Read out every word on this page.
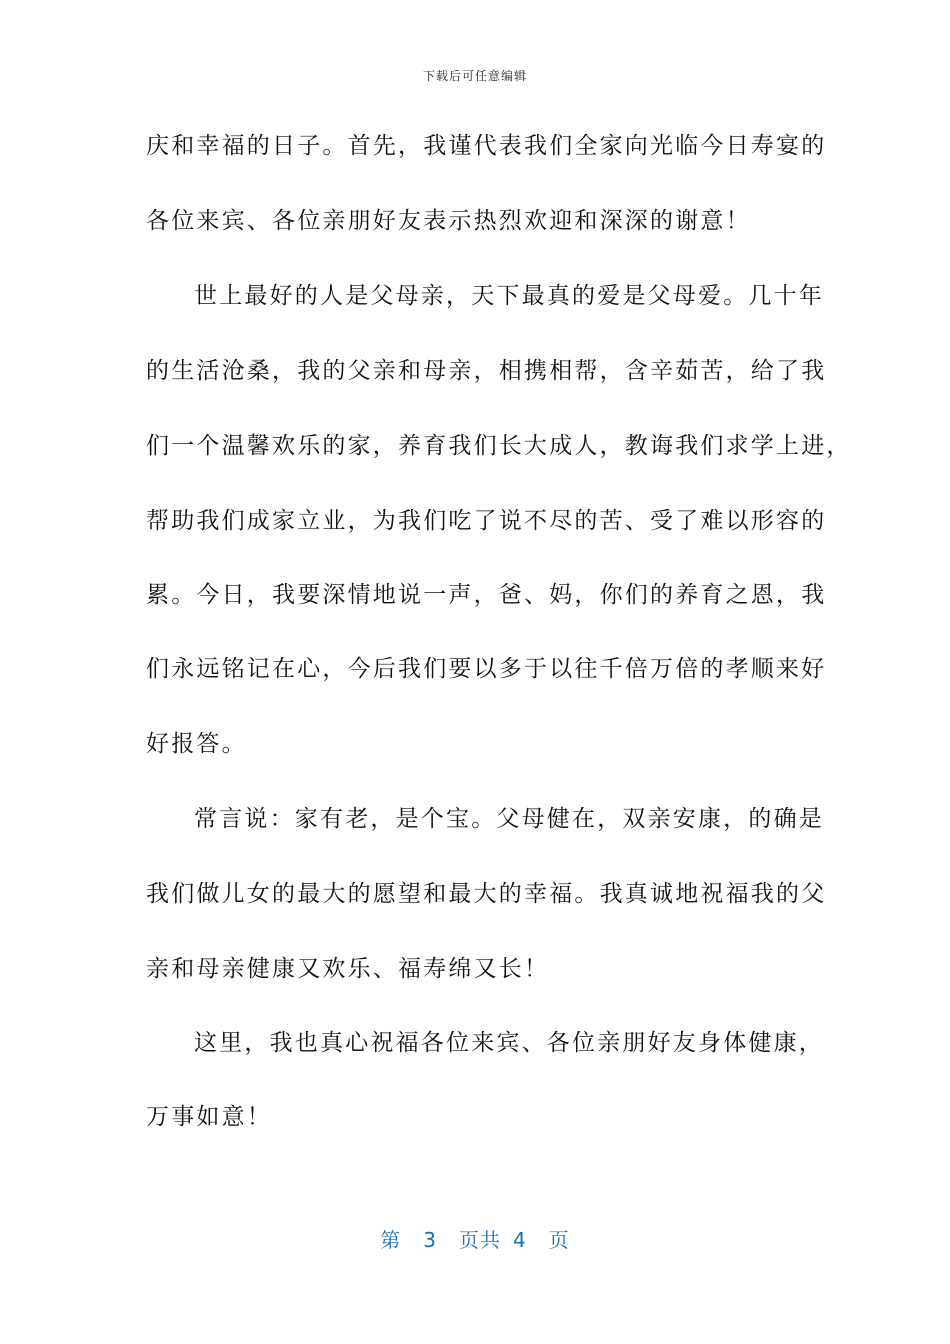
下载后可任意编辑
庆和幸福的日子。首先，我谨代表我们全家向光临今日寿宴的
各位来宾、各位亲朋好友表示热烈欢迎和深深的谢意！
世上最好的人是父母亲，天下最真的爱是父母爱。几十年
的生活沧桑，我的父亲和母亲，相携相帮，含辛茹苦，给了我
们一个温馨欢乐的家，养育我们长大成人，教诲我们求学上进，
帮助我们成家立业，为我们吃了说不尽的苦、受了难以形容的
累。今日，我要深情地说一声，爸、妈，你们的养育之恩，我
们永远铭记在心，今后我们要以多于以往千倍万倍的孝顺来好
好报答。
常言说：家有老，是个宝。父母健在，双亲安康，的确是
我们做儿女的最大的愿望和最大的幸福。我真诚地祝福我的父
亲和母亲健康又欢乐、福寿绵又长！
这里，我也真心祝福各位来宾、各位亲朋好友身体健康，
万事如意！
第 3 页共 4 页
